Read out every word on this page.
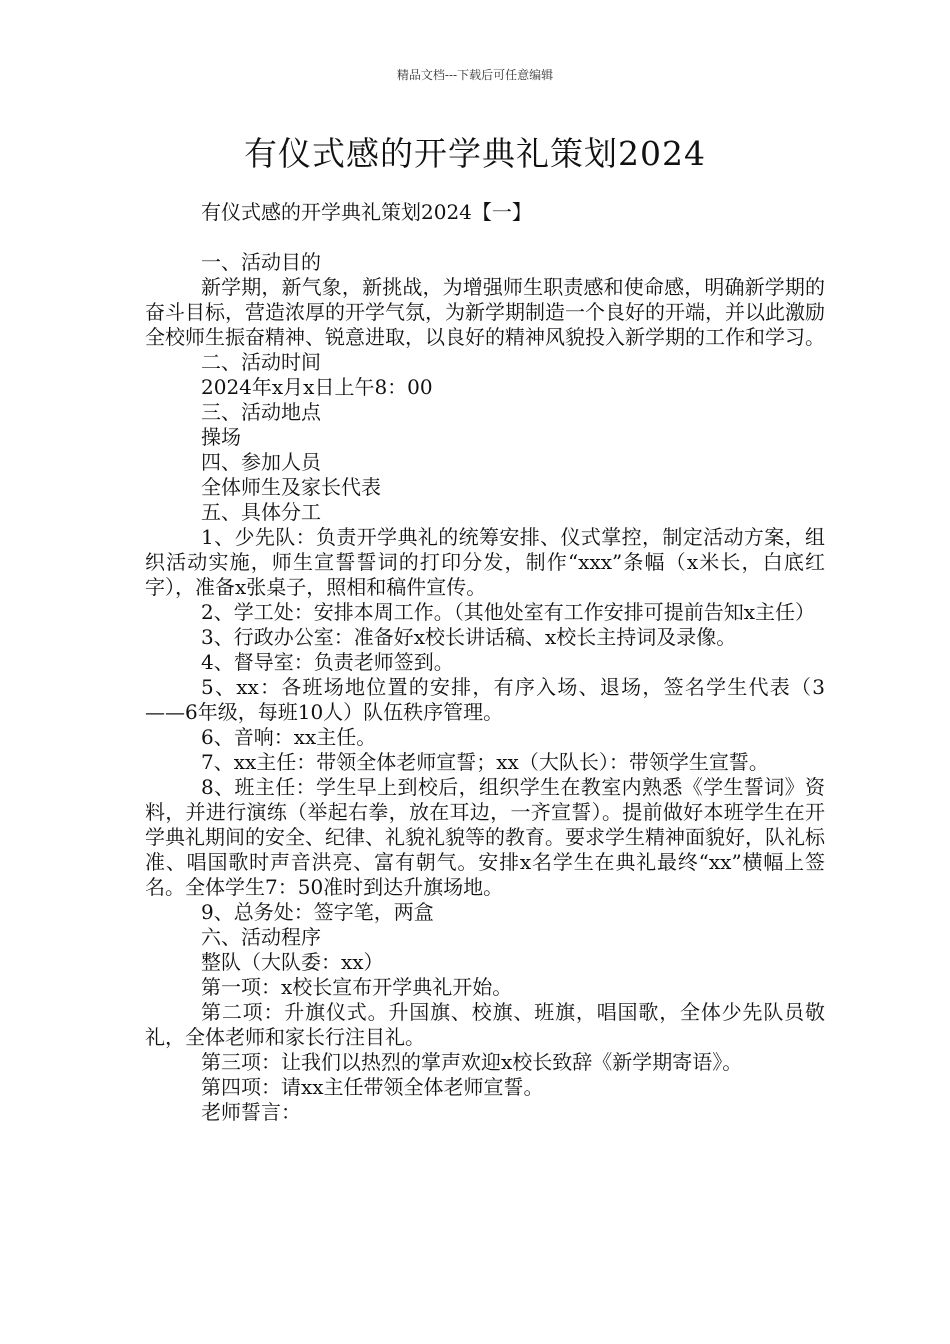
精品文档---下载后可任意编辑
有仪式感的开学典礼策划2024

有仪式感的开学典礼策划2024【一】

一、活动目的

新学期，新气象，新挑战，为增强师生职责感和使命感，明确新学期的奋斗目标，营造浓厚的开学气氛，为新学期制造一个良好的开端，并以此激励全校师生振奋精神、锐意进取，以良好的精神风貌投入新学期的工作和学习。

二、活动时间

2024年x月x日上午8：00

三、活动地点

操场

四、参加人员

全体师生及家长代表

五、具体分工

1、少先队：负责开学典礼的统筹安排、仪式掌控，制定活动方案，组织活动实施，师生宣誓誓词的打印分发，制作“xxx”条幅（x米长，白底红字），准备x张桌子，照相和稿件宣传。

2、学工处：安排本周工作。（其他处室有工作安排可提前告知x主任）

3、行政办公室：准备好x校长讲话稿、x校长主持词及录像。

4、督导室：负责老师签到。

5、xx：各班场地位置的安排，有序入场、退场，签名学生代表（3——6年级，每班10人）队伍秩序管理。

6、音响：xx主任。

7、xx主任：带领全体老师宣誓；xx（大队长）：带领学生宣誓。

8、班主任：学生早上到校后，组织学生在教室内熟悉《学生誓词》资料，并进行演练（举起右拳，放在耳边，一齐宣誓）。提前做好本班学生在开学典礼期间的安全、纪律、礼貌礼貌等的教育。要求学生精神面貌好，队礼标准、唱国歌时声音洪亮、富有朝气。安排x名学生在典礼最终“xx”横幅上签名。全体学生7：50准时到达升旗场地。

9、总务处：签字笔，两盒

六、活动程序

整队（大队委：xx）

第一项：x校长宣布开学典礼开始。

第二项：升旗仪式。升国旗、校旗、班旗，唱国歌，全体少先队员敬礼，全体老师和家长行注目礼。

第三项：让我们以热烈的掌声欢迎x校长致辞《新学期寄语》。

第四项：请xx主任带领全体老师宣誓。

老师誓言：
